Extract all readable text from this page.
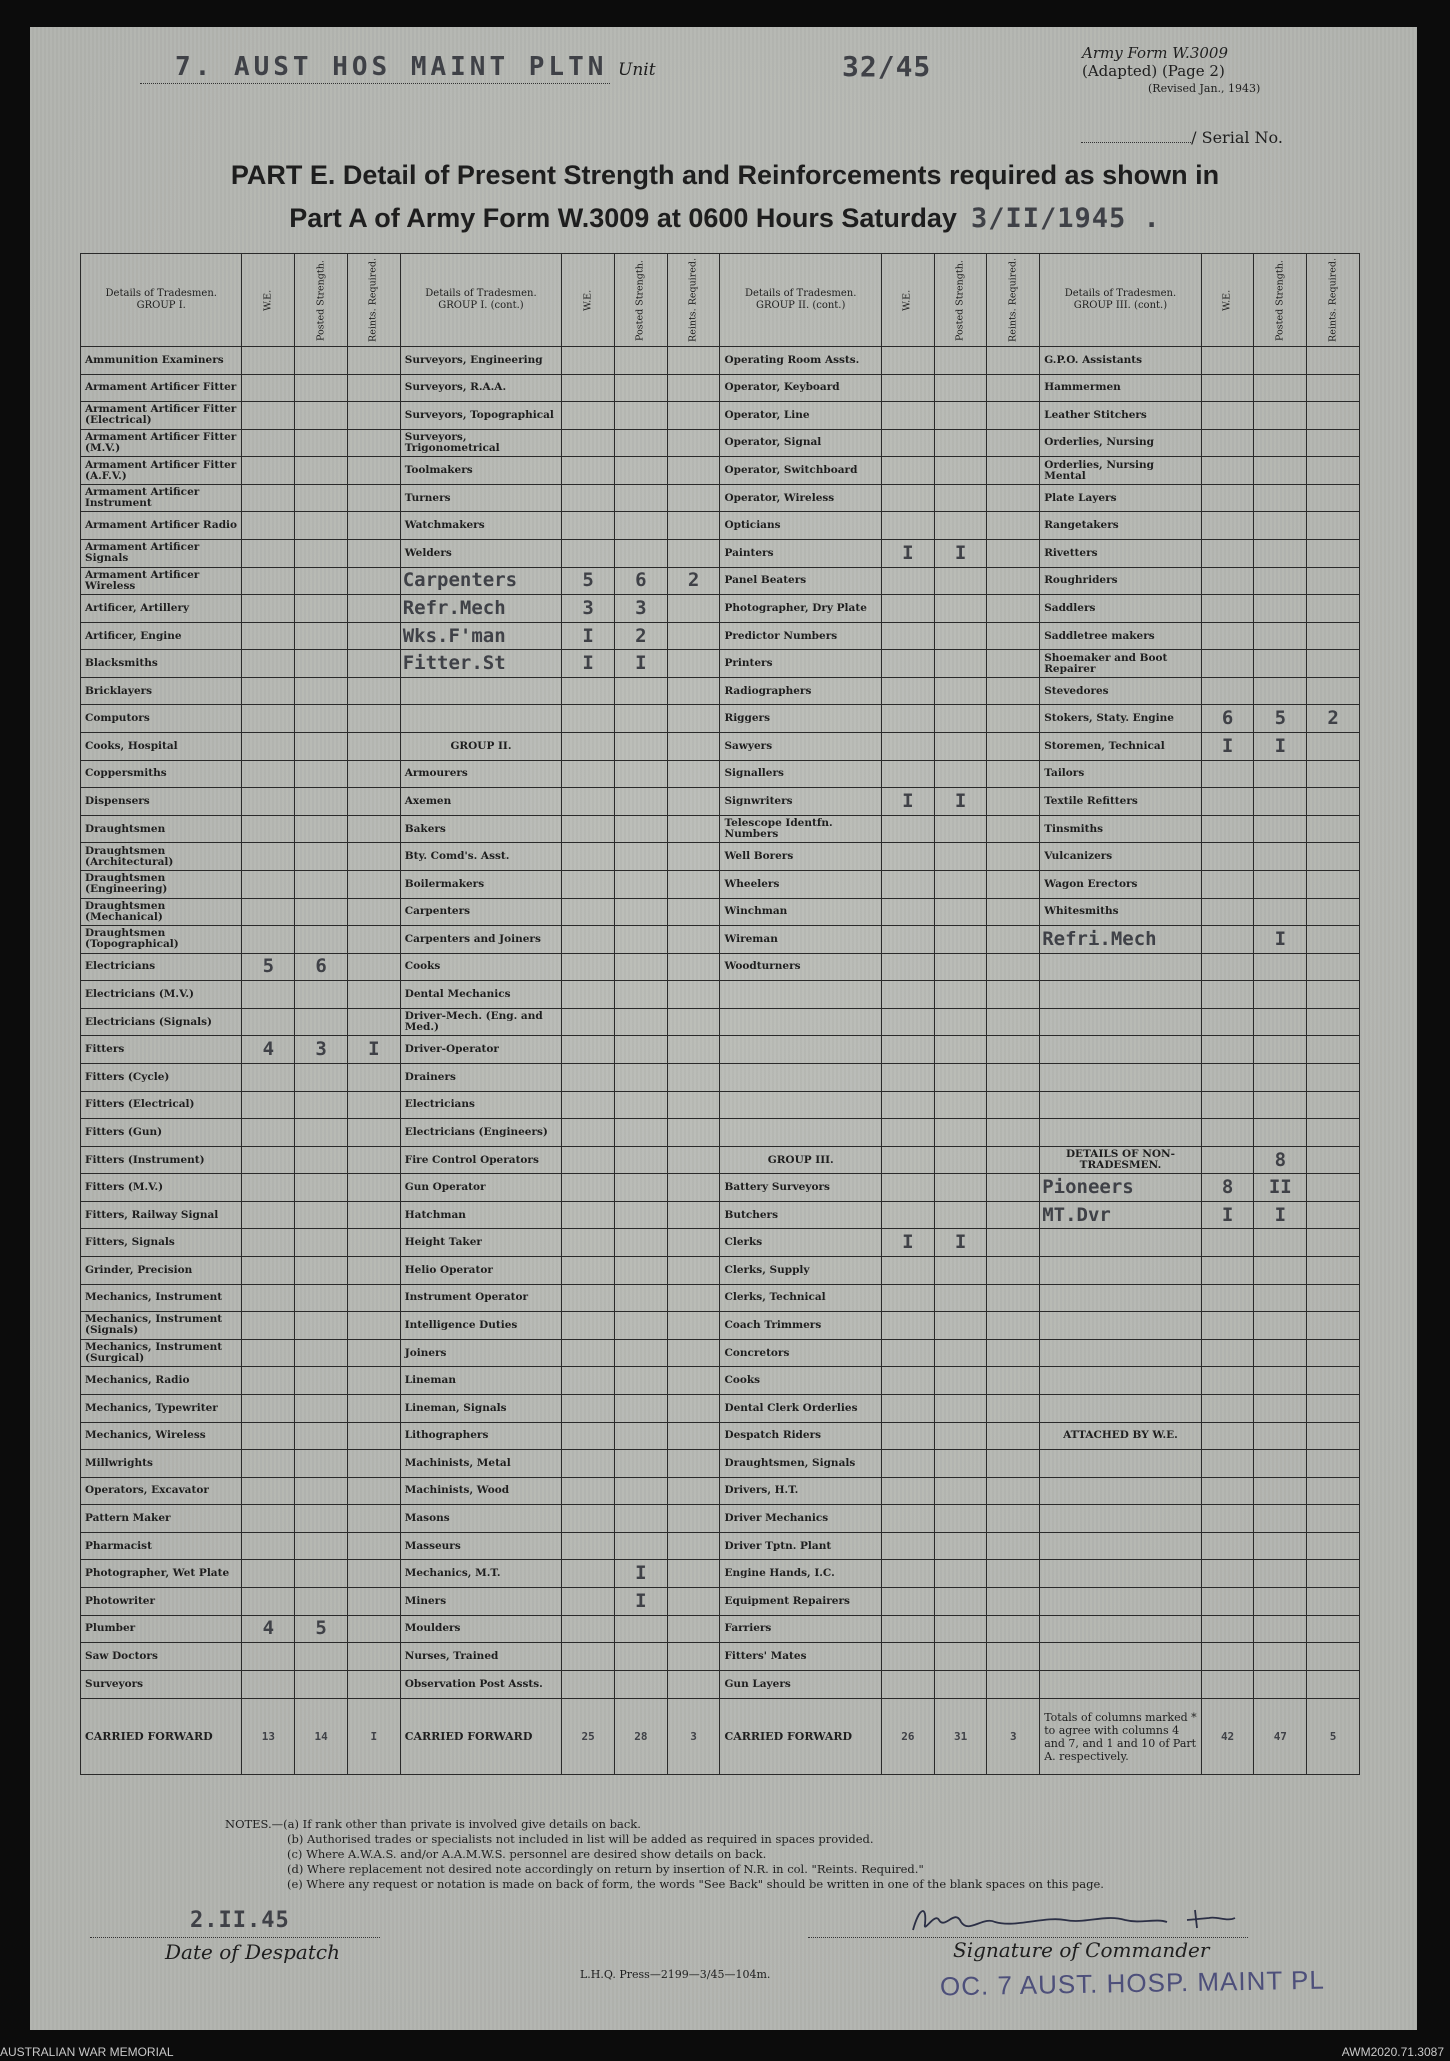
7. AUST HOS MAINT PLTN Unit	32/45	Army Form W.3009
(Adapted) (Page 2)
(Revised Jan., 1943)
/ Serial No.
PART E. Detail of Present Strength and Reinforcements required as shown in
Part A of Army Form W.3009 at 0600 Hours Saturday 3/II/1945 .
Details of Tradesmen. GROUP I.	W.E.	Posted Strength.	Reints. Required.	Details of Tradesmen. GROUP I. (cont.)	W.E.	Posted Strength.	Reints. Required.	Details of Tradesmen. GROUP II. (cont.)	W.E.	Posted Strength.	Reints. Required.	Details of Tradesmen. GROUP III. (cont.)	W.E.	Posted Strength.	Reints. Required.
Ammunition Examiners				Surveyors, Engineering				Operating Room Assts.				G.P.O. Assistants			
Armament Artificer Fitter				Surveyors, R.A.A.				Operator, Keyboard				Hammermen			
Armament Artificer Fitter (Electrical)				Surveyors, Topographical				Operator, Line				Leather Stitchers			
Armament Artificer Fitter (M.V.)				Surveyors, Trigonometrical				Operator, Signal				Orderlies, Nursing			
Armament Artificer Fitter (A.F.V.)				Toolmakers				Operator, Switchboard				Orderlies, Nursing Mental			
Armament Artificer Instrument				Turners				Operator, Wireless				Plate Layers			
Armament Artificer Radio				Watchmakers				Opticians				Rangetakers			
Armament Artificer Signals				Welders				Painters	I	I		Rivetters			
Armament Artificer Wireless				Carpenters	5	6	2	Panel Beaters				Roughriders			
Artificer, Artillery				Refr.Mech	3	3		Photographer, Dry Plate				Saddlers			
Artificer, Engine				Wks.F'man	I	2		Predictor Numbers				Saddletree makers			
Blacksmiths				Fitter.St	I	I		Printers				Shoemaker and Boot Repairer			
Bricklayers								Radiographers				Stevedores			
Computors								Riggers				Stokers, Staty. Engine	6	5	2
Cooks, Hospital				GROUP II.				Sawyers				Storemen, Technical	I	I	
Coppersmiths				Armourers				Signallers				Tailors			
Dispensers				Axemen				Signwriters	I	I		Textile Refitters			
Draughtsmen				Bakers				Telescope Identfn. Numbers				Tinsmiths			
Draughtsmen (Architectural)				Bty. Comd's. Asst.				Well Borers				Vulcanizers			
Draughtsmen (Engineering)				Boilermakers				Wheelers				Wagon Erectors			
Draughtsmen (Mechanical)				Carpenters				Winchman				Whitesmiths			
Draughtsmen (Topographical)				Carpenters and Joiners				Wireman				Refri.Mech		I	
Electricians	5	6		Cooks				Woodturners							
Electricians (M.V.)				Dental Mechanics											
Electricians (Signals)				Driver-Mech. (Eng. and Med.)											
Fitters	4	3	I	Driver-Operator											
Fitters (Cycle)				Drainers											
Fitters (Electrical)				Electricians											
Fitters (Gun)				Electricians (Engineers)											
Fitters (Instrument)				Fire Control Operators				GROUP III.				DETAILS OF NON-TRADESMEN.		8	
Fitters (M.V.)				Gun Operator				Battery Surveyors				Pioneers	8	II	
Fitters, Railway Signal				Hatchman				Butchers				MT.Dvr	I	I	
Fitters, Signals				Height Taker				Clerks	I	I					
Grinder, Precision				Helio Operator				Clerks, Supply							
Mechanics, Instrument				Instrument Operator				Clerks, Technical							
Mechanics, Instrument (Signals)				Intelligence Duties				Coach Trimmers							
Mechanics, Instrument (Surgical)				Joiners				Concretors							
Mechanics, Radio				Lineman				Cooks							
Mechanics, Typewriter				Lineman, Signals				Dental Clerk Orderlies							
Mechanics, Wireless				Lithographers				Despatch Riders				ATTACHED BY W.E.			
Millwrights				Machinists, Metal				Draughtsmen, Signals							
Operators, Excavator				Machinists, Wood				Drivers, H.T.							
Pattern Maker				Masons				Driver Mechanics							
Pharmacist				Masseurs				Driver Tptn. Plant							
Photographer, Wet Plate				Mechanics, M.T.		I		Engine Hands, I.C.							
Photowriter				Miners		I		Equipment Repairers							
Plumber	4	5		Moulders				Farriers							
Saw Doctors				Nurses, Trained				Fitters' Mates							
Surveyors				Observation Post Assts.				Gun Layers							
CARRIED FORWARD	13	14	I	CARRIED FORWARD	25	28	3	CARRIED FORWARD	26	31	3	Totals of columns marked * to agree with columns 4 and 7, and 1 and 10 of Part A. respectively.	42	47	5
NOTES.—(a) If rank other than private is involved give details on back.
(b) Authorised trades or specialists not included in list will be added as required in spaces provided.
(c) Where A.W.A.S. and/or A.A.M.W.S. personnel are desired show details on back.
(d) Where replacement not desired note accordingly on return by insertion of N.R. in col. "Reints. Required."
(e) Where any request or notation is made on back of form, the words "See Back" should be written in one of the blank spaces on this page.
2.II.45
Date of Despatch	Signature of Commander
L.H.Q. Press—2199—3/45—104m.	OC. 7 AUST. HOSP. MAINT PL
AUSTRALIAN WAR MEMORIAL	AWM2020.71.3087
